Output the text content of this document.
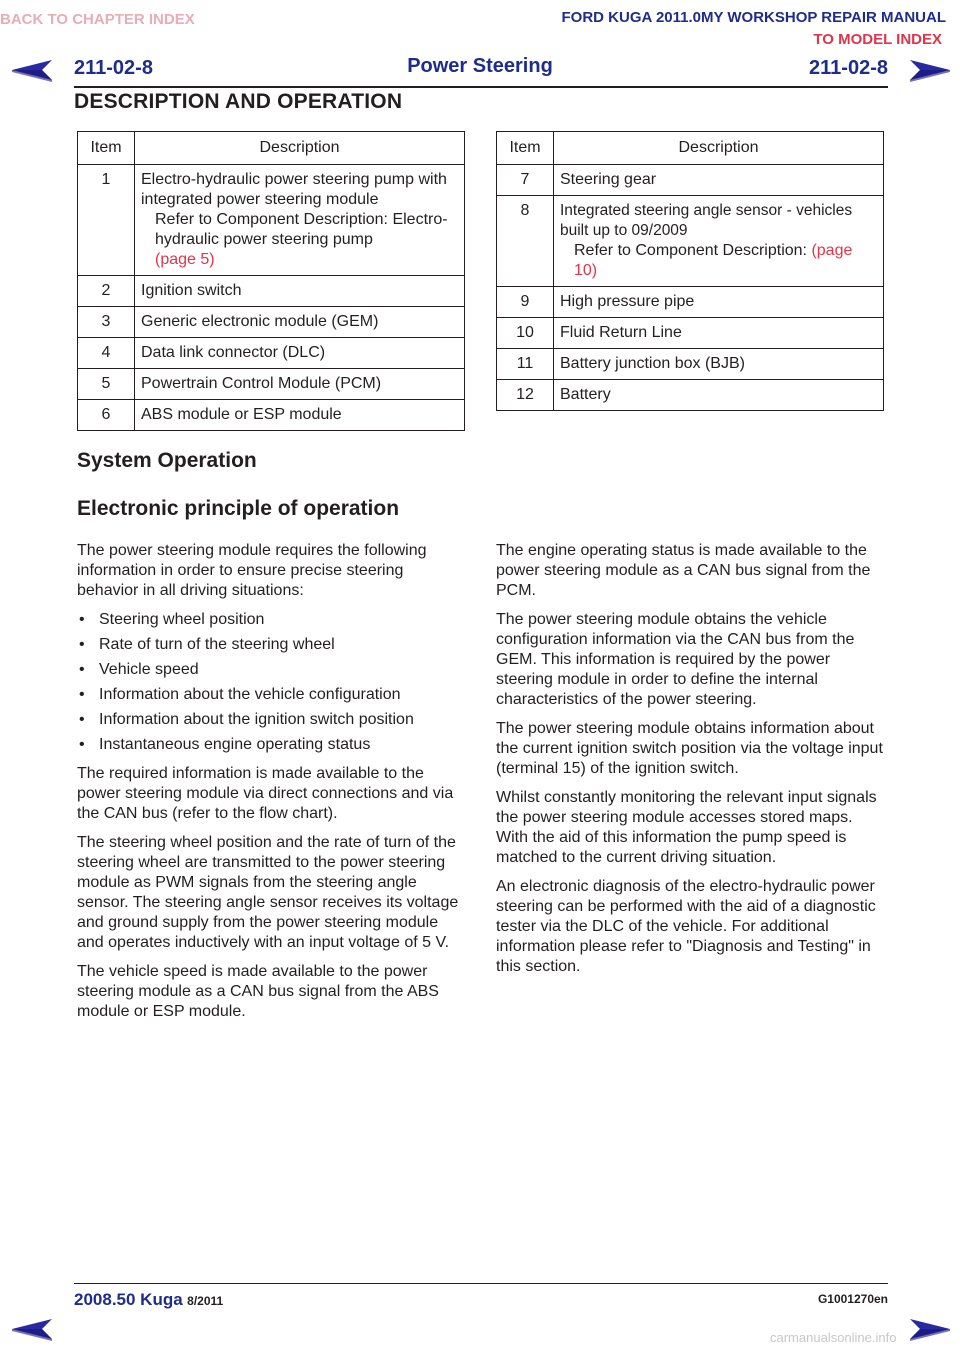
BACK TO CHAPTER INDEX	FORD KUGA 2011.0MY WORKSHOP REPAIR MANUAL
TO MODEL INDEX
211-02-8	Power Steering	211-02-8
DESCRIPTION AND OPERATION
Item	Description
1	Electro-hydraulic power steering pump with integrated power steering module
Refer to Component Description: Electro-hydraulic power steering pump
(page 5)

2	Ignition switch
3	Generic electronic module (GEM)
4	Data link connector (DLC)
5	Powertrain Control Module (PCM)
6	ABS module or ESP module
Item	Description
7	Steering gear
8	Integrated steering angle sensor - vehicles built up to 09/2009
Refer to Component Description: (page 10)

9	High pressure pipe
10	Fluid Return Line
11	Battery junction box (BJB)
12	Battery
System Operation
Electronic principle of operation

The power steering module requires the following information in order to ensure precise steering behavior in all driving situations:

• Steering wheel position
• Rate of turn of the steering wheel
• Vehicle speed
• Information about the vehicle configuration
• Information about the ignition switch position
• Instantaneous engine operating status

The required information is made available to the power steering module via direct connections and via the CAN bus (refer to the flow chart).

The steering wheel position and the rate of turn of the steering wheel are transmitted to the power steering module as PWM signals from the steering angle sensor. The steering angle sensor receives its voltage and ground supply from the power steering module and operates inductively with an input voltage of 5 V.

The vehicle speed is made available to the power steering module as a CAN bus signal from the ABS module or ESP module.

The engine operating status is made available to the power steering module as a CAN bus signal from the PCM.

The power steering module obtains the vehicle configuration information via the CAN bus from the GEM. This information is required by the power steering module in order to define the internal characteristics of the power steering.

The power steering module obtains information about the current ignition switch position via the voltage input (terminal 15) of the ignition switch.

Whilst constantly monitoring the relevant input signals the power steering module accesses stored maps. With the aid of this information the pump speed is matched to the current driving situation.

An electronic diagnosis of the electro-hydraulic power steering can be performed with the aid of a diagnostic tester via the DLC of the vehicle. For additional information please refer to "Diagnosis and Testing" in this section.

2008.50 Kuga 8/2011	G1001270en
carmanualsonline.info
